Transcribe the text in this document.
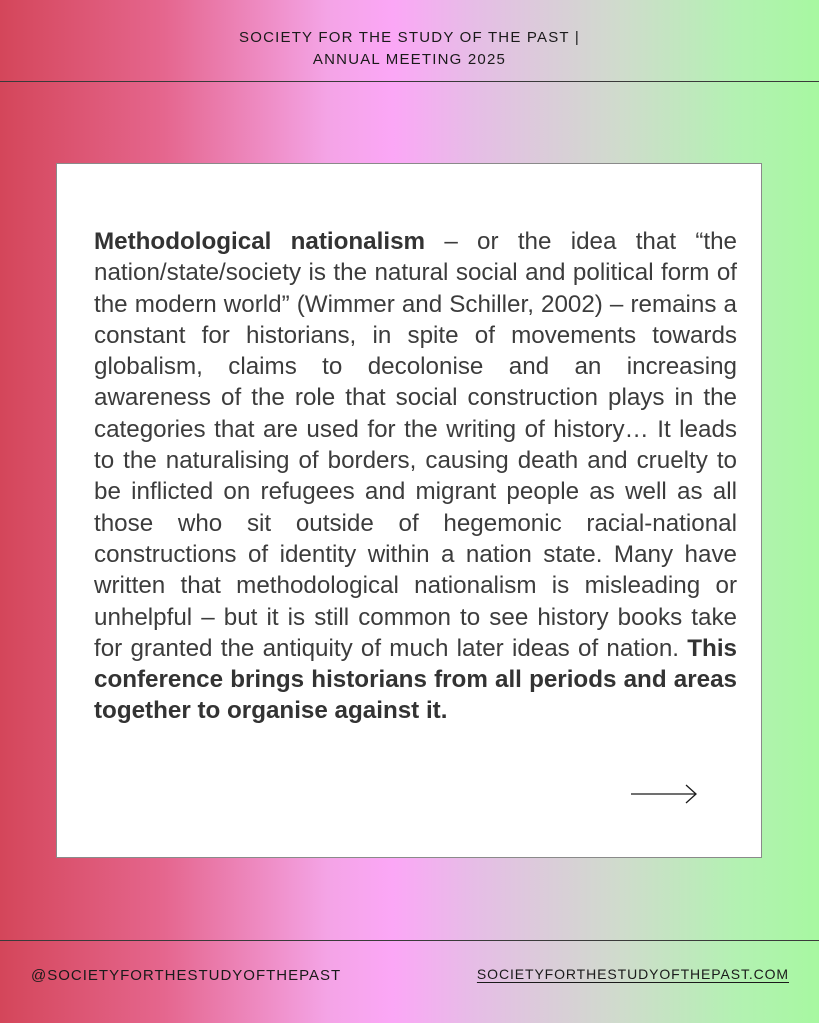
SOCIETY FOR THE STUDY OF THE PAST |
ANNUAL MEETING 2025

Methodological nationalism – or the idea that “the nation/state/society is the natural social and political form of the modern world” (Wimmer and Schiller, 2002) – remains a constant for historians, in spite of movements towards globalism, claims to decolonise and an increasing awareness of the role that social construction plays in the categories that are used for the writing of history… It leads to the naturalising of borders, causing death and cruelty to be inflicted on refugees and migrant people as well as all those who sit outside of hegemonic racial-national constructions of identity within a nation state. Many have written that methodological nationalism is misleading or unhelpful – but it is still common to see history books take for granted the antiquity of much later ideas of nation. This conference brings historians from all periods and areas together to organise against it.

@SOCIETYFORTHESTUDYOFTHEPAST	SOCIETYFORTHESTUDYOFTHEPAST.COM
